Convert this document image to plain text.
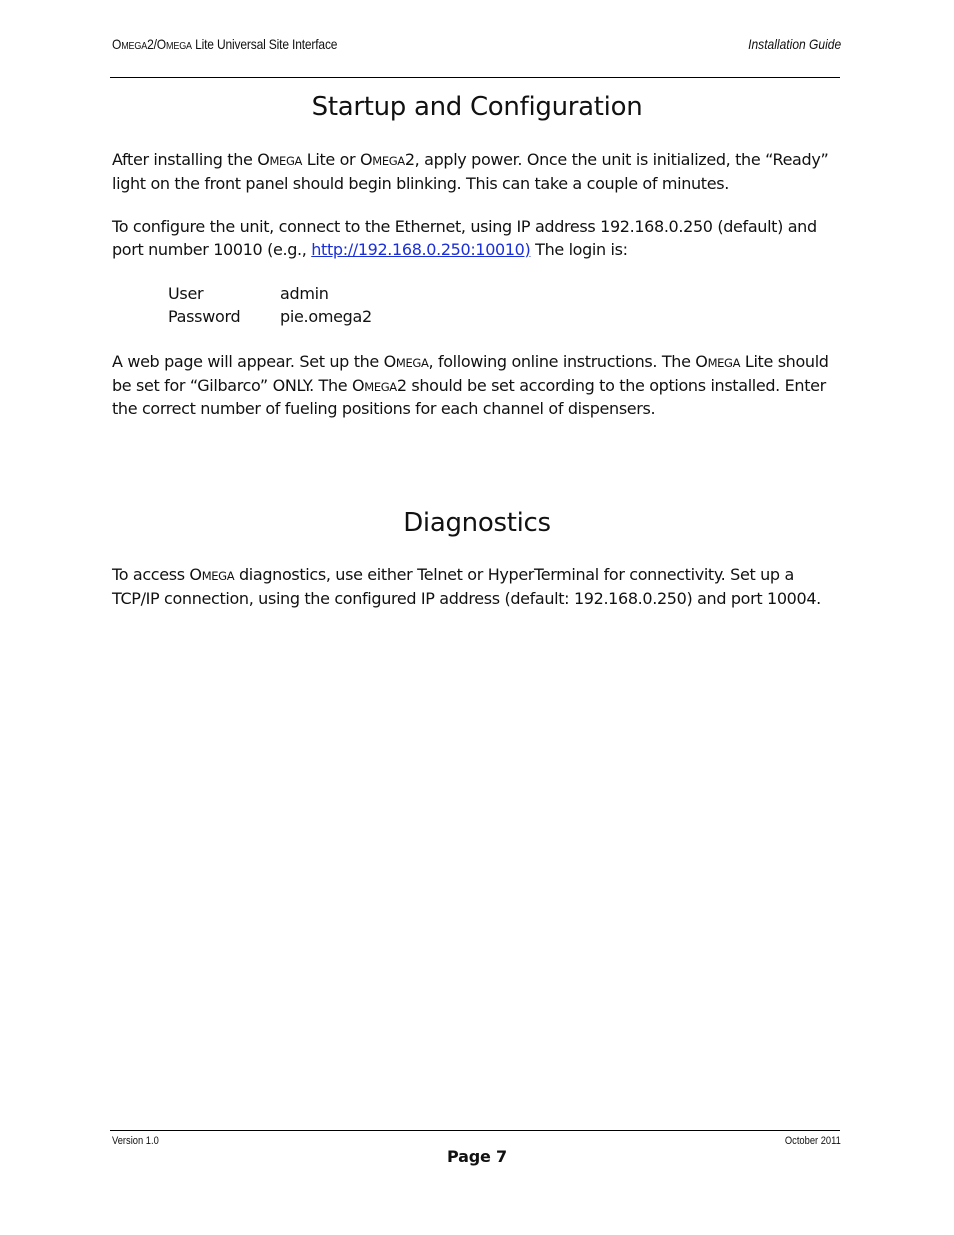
OMEGA2/OMEGA Lite Universal Site Interface	Installation Guide
Startup and Configuration

After installing the OMEGA Lite or OMEGA2, apply power. Once the unit is initialized, the “Ready” light on the front panel should begin blinking. This can take a couple of minutes.

To configure the unit, connect to the Ethernet, using IP address 192.168.0.250 (default) and port number 10010 (e.g., http://192.168.0.250:10010) The login is:

User	admin
Password pie.omega2

A web page will appear. Set up the OMEGA, following online instructions. The OMEGA Lite should be set for “Gilbarco” ONLY. The OMEGA2 should be set according to the options installed. Enter the correct number of fueling positions for each channel of dispensers.

Diagnostics

To access OMEGA diagnostics, use either Telnet or HyperTerminal for connectivity. Set up a TCP/IP connection, using the configured IP address (default: 192.168.0.250) and port 10004.

Version 1.0	October 2011
Page 7
